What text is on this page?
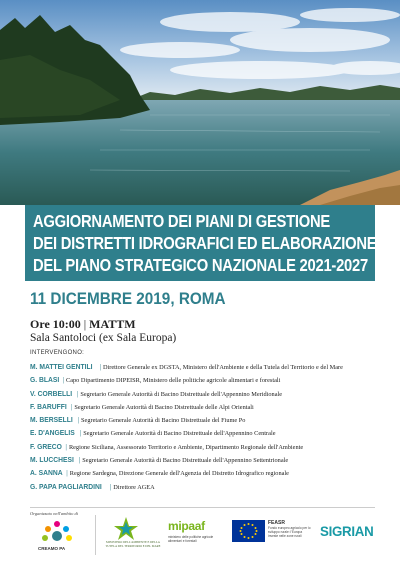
AGGIORNAMENTO DEI PIANI DI GESTIONE
DEI DISTRETTI IDROGRAFICI ED ELABORAZIONE
DEL PIANO STRATEGICO NAZIONALE 2021-2027
11 DICEMBRE 2019, ROMA
Ore 10:00 | MATTM
Sala Santoloci (ex Sala Europa)
INTERVENGONO:
M. MATTEI GENTILI | Direttore Generale ex DGSTA, Ministero dell'Ambiente e della Tutela del Territorio e del Mare
G. BLASI | Capo Dipartimento DIPEISR, Ministero delle politiche agricole alimentari e forestali
V. CORBELLI | Segretario Generale Autorità di Bacino Distrettuale dell'Appennino Meridionale
F. BARUFFI | Segretario Generale Autorità di Bacino Distrettuale delle Alpi Orientali
M. BERSELLI | Segretario Generale Autorità di Bacino Distrettuale del Fiume Po
E. D'ANGELIS | Segretario Generale Autorità di Bacino Distrettuale dell'Appennino Centrale
F. GRECO | Regione Siciliana, Assessorato Territorio e Ambiente, Dipartimento Regionale dell'Ambiente
M. LUCCHESI | Segretario Generale Autorità di Bacino Distrettuale dell'Appennino Settentrionale
A. SANNA | Regione Sardegna, Direzione Generale dell'Agenzia del Distretto Idrografico regionale
G. PAPA PAGLIARDINI | Direttore AGEA
Organizzato nell'ambito di
CREAMO PA
MINISTERO DELL'AMBIENTE E DELLA TUTELA DEL TERRITORIO E DEL MARE
mipaaf
ministero delle politiche agricole alimentari e forestali
FEASR
Fondo europeo agricolo per lo sviluppo rurale: l'Europa investe nelle zone rurali	SIGRIAN
